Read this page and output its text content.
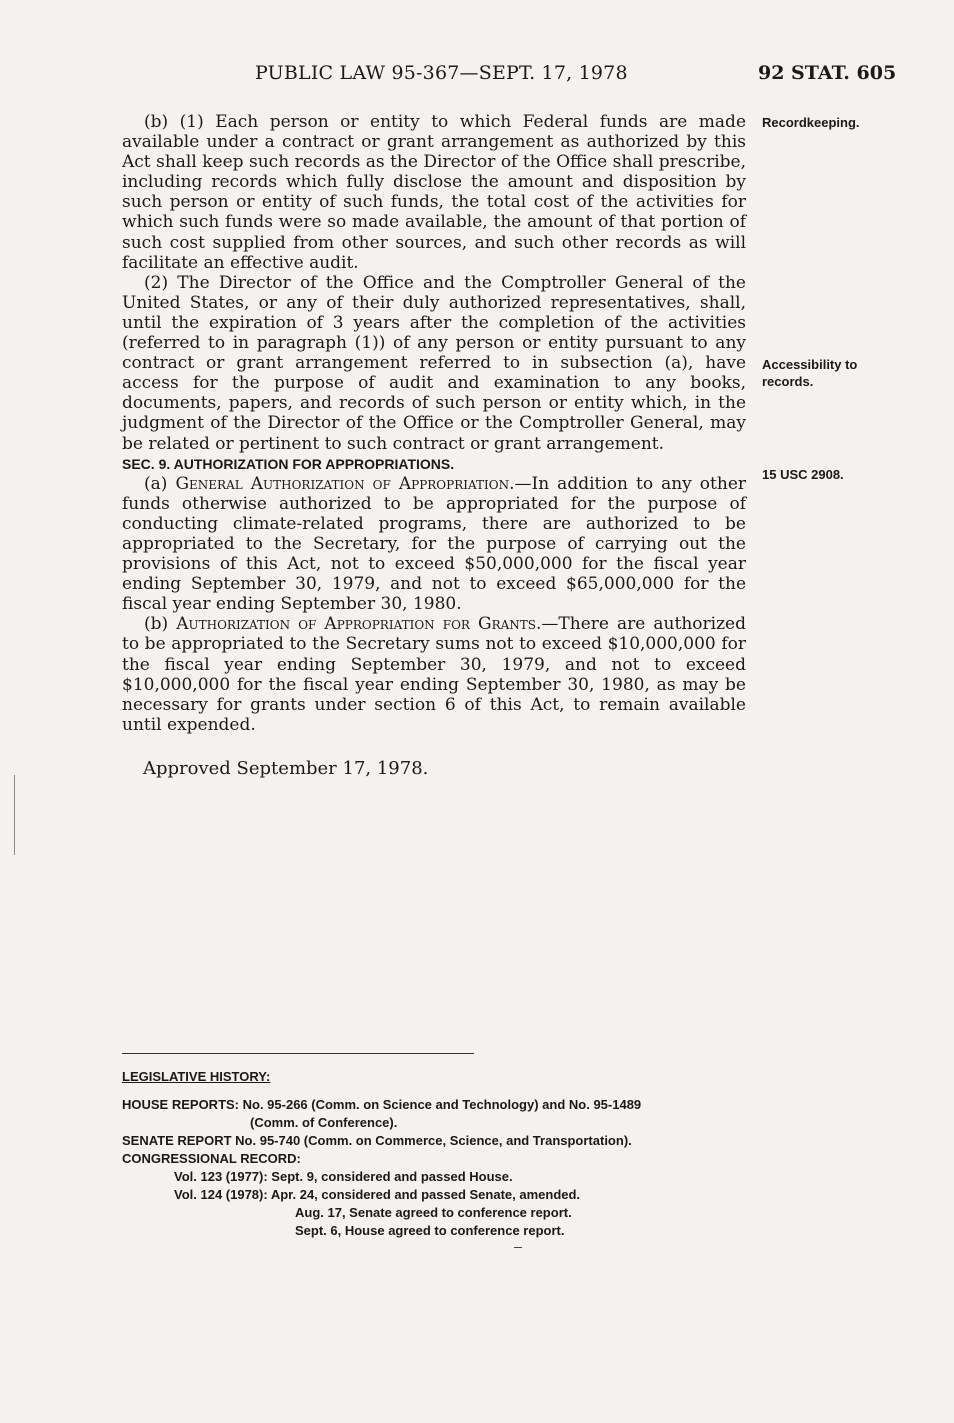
PUBLIC LAW 95-367—SEPT. 17, 1978	92 STAT. 605
Recordkeeping.
Accessibility to
records.
15 USC 2908.

(b) (1) Each person or entity to which Federal funds are made available under a contract or grant arrangement as authorized by this Act shall keep such records as the Director of the Office shall prescribe, including records which fully disclose the amount and disposition by such person or entity of such funds, the total cost of the activities for which such funds were so made available, the amount of that portion of such cost supplied from other sources, and such other records as will facilitate an effective audit.

(2) The Director of the Office and the Comptroller General of the United States, or any of their duly authorized representatives, shall, until the expiration of 3 years after the completion of the activities (referred to in paragraph (1)) of any person or entity pursuant to any contract or grant arrangement referred to in subsection (a), have access for the purpose of audit and examination to any books, documents, papers, and records of such person or entity which, in the judgment of the Director of the Office or the Comptroller General, may be related or pertinent to such contract or grant arrangement.

SEC. 9. AUTHORIZATION FOR APPROPRIATIONS.

(a) General Authorization of Appropriation.—In addition to any other funds otherwise authorized to be appropriated for the purpose of conducting climate-related programs, there are authorized to be appropriated to the Secretary, for the purpose of carrying out the provisions of this Act, not to exceed $50,000,000 for the fiscal year ending September 30, 1979, and not to exceed $65,000,000 for the fiscal year ending September 30, 1980.

(b) Authorization of Appropriation for Grants.—There are authorized to be appropriated to the Secretary sums not to exceed $10,000,000 for the fiscal year ending September 30, 1979, and not to exceed $10,000,000 for the fiscal year ending September 30, 1980, as may be necessary for grants under section 6 of this Act, to remain available until expended.

Approved September 17, 1978.
LEGISLATIVE HISTORY:
HOUSE REPORTS: No. 95-266 (Comm. on Science and Technology) and No. 95-1489
(Comm. of Conference).
SENATE REPORT No. 95-740 (Comm. on Commerce, Science, and Transportation).
CONGRESSIONAL RECORD:
Vol. 123 (1977): Sept. 9, considered and passed House.
Vol. 124 (1978): Apr. 24, considered and passed Senate, amended.
Aug. 17, Senate agreed to conference report.
Sept. 6, House agreed to conference report.
